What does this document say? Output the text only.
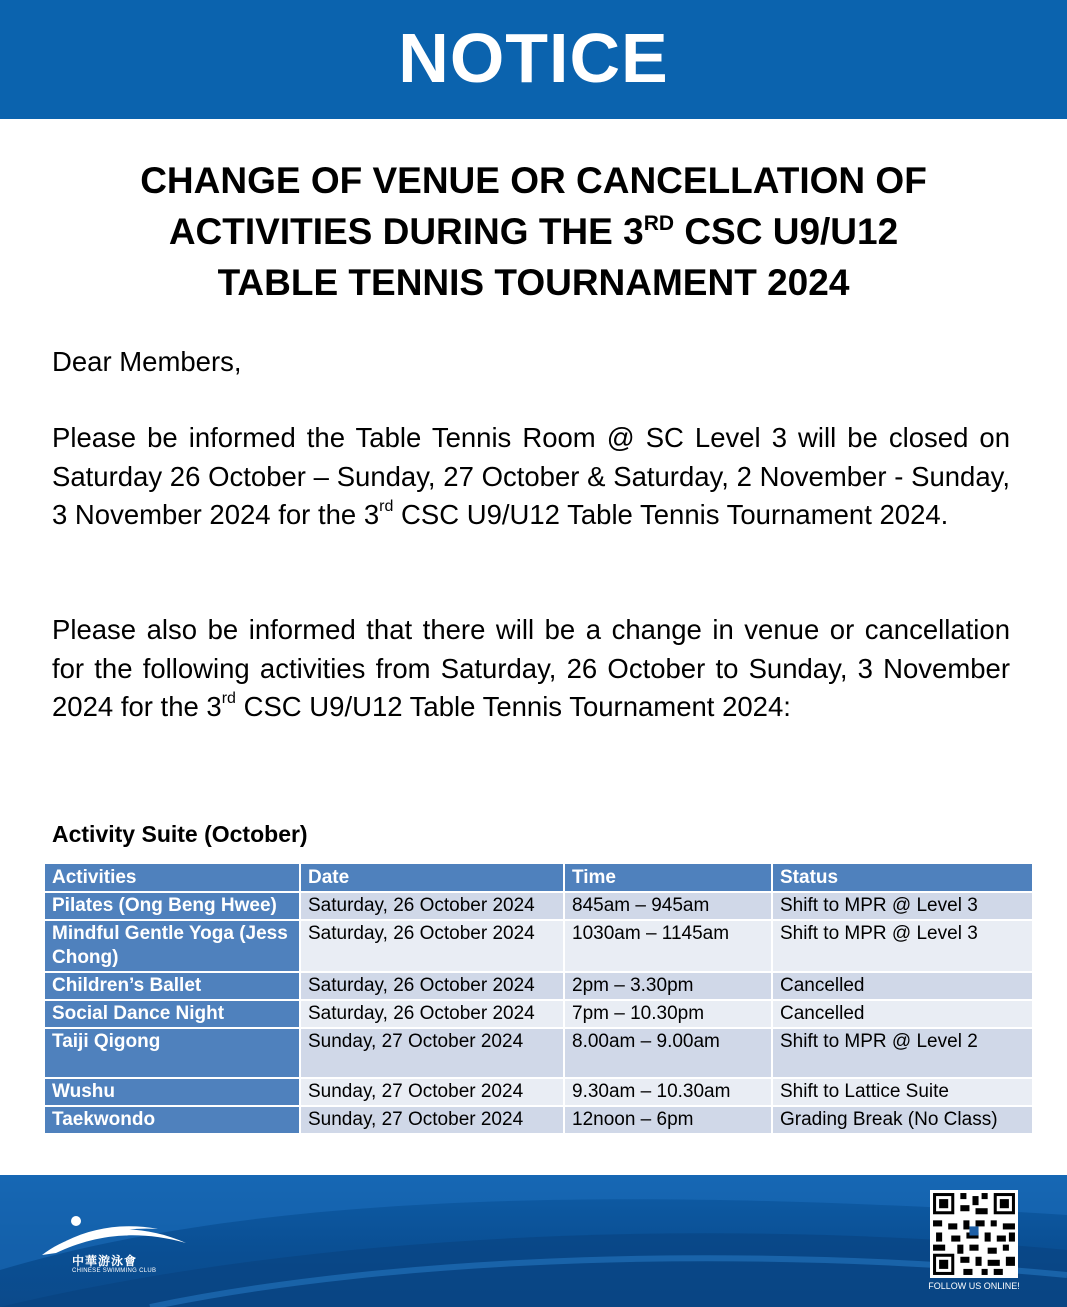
NOTICE
CHANGE OF VENUE OR CANCELLATION OF
ACTIVITIES DURING THE 3RD CSC U9/U12
TABLE TENNIS TOURNAMENT 2024
Dear Members,
Please be informed the Table Tennis Room @ SC Level 3 will be closed on Saturday 26 October – Sunday, 27 October & Saturday, 2 November - Sunday, 3 November 2024 for the 3rd CSC U9/U12 Table Tennis Tournament 2024.
Please also be informed that there will be a change in venue or cancellation for the following activities from Saturday, 26 October to Sunday, 3 November 2024 for the 3rd CSC U9/U12 Table Tennis Tournament 2024:
Activity Suite (October)
Activities	Date	Time	Status
Pilates (Ong Beng Hwee)	Saturday, 26 October 2024	845am – 945am	Shift to MPR @ Level 3
Mindful Gentle Yoga (Jess Chong)	Saturday, 26 October 2024	1030am – 1145am	Shift to MPR @ Level 3
Children’s Ballet	Saturday, 26 October 2024	2pm – 3.30pm	Cancelled
Social Dance Night	Saturday, 26 October 2024	7pm – 10.30pm	Cancelled
Taiji Qigong	Sunday, 27 October 2024	8.00am – 9.00am	Shift to MPR @ Level 2
Wushu	Sunday, 27 October 2024	9.30am – 10.30am	Shift to Lattice Suite
Taekwondo	Sunday, 27 October 2024	12noon – 6pm	Grading Break (No Class)
中華游泳會
CHINESE SWIMMING CLUB
FOLLOW US ONLINE!
